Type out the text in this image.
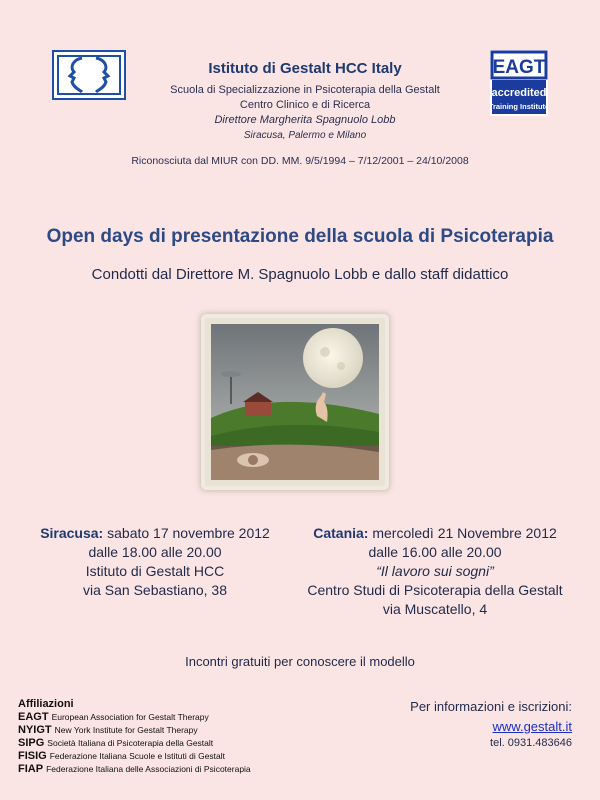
EAGT
accredited
Training Institute
Istituto di Gestalt HCC Italy
Scuola di Specializzazione in Psicoterapia della Gestalt
Centro Clinico e di Ricerca
Direttore Margherita Spagnuolo Lobb
Siracusa, Palermo e Milano
Riconosciuta dal MIUR con DD. MM. 9/5/1994 – 7/12/2001 – 24/10/2008
Open days di presentazione della scuola di Psicoterapia
Condotti dal Direttore M. Spagnuolo Lobb e dallo staff didattico
Siracusa: sabato 17 novembre 2012
dalle 18.00 alle 20.00
Istituto di Gestalt HCC
via San Sebastiano, 38
Catania: mercoledì 21 Novembre 2012
dalle 16.00 alle 20.00
“Il lavoro sui sogni”
Centro Studi di Psicoterapia della Gestalt
via Muscatello, 4
Incontri gratuiti per conoscere il modello
Affiliazioni
EAGT European Association for Gestalt Therapy
NYIGT New York Institute for Gestalt Therapy
SIPG Società Italiana di Psicoterapia della Gestalt
FISIG Federazione Italiana Scuole e Istituti di Gestalt
FIAP Federazione Italiana delle Associazioni di Psicoterapia
Per informazioni e iscrizioni:
www.gestalt.it
tel. 0931.483646
